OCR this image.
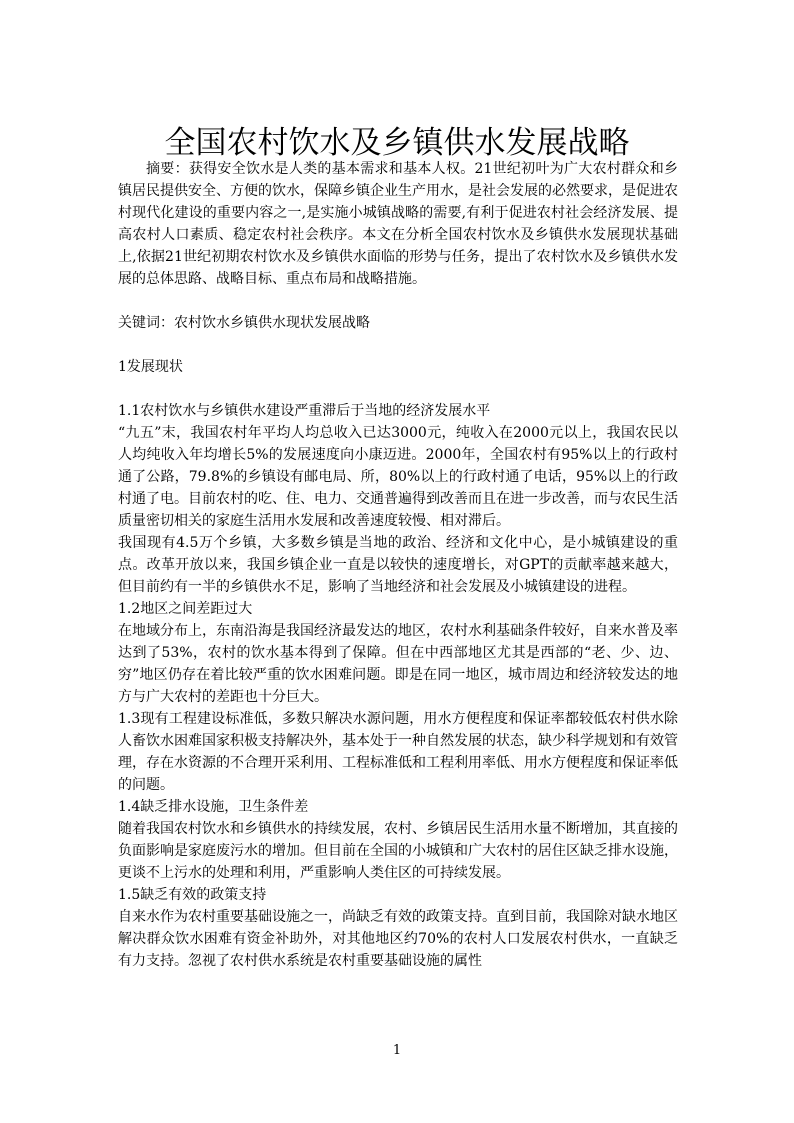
全国农村饮水及乡镇供水发展战略

摘要：获得安全饮水是人类的基本需求和基本人权。21世纪初叶为广大农村群众和乡镇居民提供安全、方便的饮水，保障乡镇企业生产用水，是社会发展的必然要求，是促进农村现代化建设的重要内容之一,是实施小城镇战略的需要,有利于促进农村社会经济发展、提高农村人口素质、稳定农村社会秩序。本文在分析全国农村饮水及乡镇供水发展现状基础上,依据21世纪初期农村饮水及乡镇供水面临的形势与任务，提出了农村饮水及乡镇供水发展的总体思路、战略目标、重点布局和战略措施。

关键词：农村饮水乡镇供水现状发展战略

1发展现状

1.1农村饮水与乡镇供水建设严重滞后于当地的经济发展水平

“九五”末，我国农村年平均人均总收入已达3000元，纯收入在2000元以上，我国农民以人均纯收入年均增长5%的发展速度向小康迈进。2000年，全国农村有95%以上的行政村通了公路，79.8%的乡镇设有邮电局、所，80%以上的行政村通了电话，95%以上的行政村通了电。目前农村的吃、住、电力、交通普遍得到改善而且在进一步改善，而与农民生活质量密切相关的家庭生活用水发展和改善速度较慢、相对滞后。

我国现有4.5万个乡镇，大多数乡镇是当地的政治、经济和文化中心，是小城镇建设的重点。改革开放以来，我国乡镇企业一直是以较快的速度增长，对GPT的贡献率越来越大，但目前约有一半的乡镇供水不足，影响了当地经济和社会发展及小城镇建设的进程。

1.2地区之间差距过大

在地域分布上，东南沿海是我国经济最发达的地区，农村水利基础条件较好，自来水普及率达到了53%，农村的饮水基本得到了保障。但在中西部地区尤其是西部的“老、少、边、穷”地区仍存在着比较严重的饮水困难问题。即是在同一地区，城市周边和经济较发达的地方与广大农村的差距也十分巨大。

1.3现有工程建设标准低，多数只解决水源问题，用水方便程度和保证率都较低农村供水除人畜饮水困难国家积极支持解决外，基本处于一种自然发展的状态，缺少科学规划和有效管理，存在水资源的不合理开采利用、工程标准低和工程利用率低、用水方便程度和保证率低的问题。

1.4缺乏排水设施，卫生条件差

随着我国农村饮水和乡镇供水的持续发展，农村、乡镇居民生活用水量不断增加，其直接的负面影响是家庭废污水的增加。但目前在全国的小城镇和广大农村的居住区缺乏排水设施，更谈不上污水的处理和利用，严重影响人类住区的可持续发展。

1.5缺乏有效的政策支持

自来水作为农村重要基础设施之一，尚缺乏有效的政策支持。直到目前，我国除对缺水地区解决群众饮水困难有资金补助外，对其他地区约70%的农村人口发展农村供水，一直缺乏有力支持。忽视了农村供水系统是农村重要基础设施的属性

1
